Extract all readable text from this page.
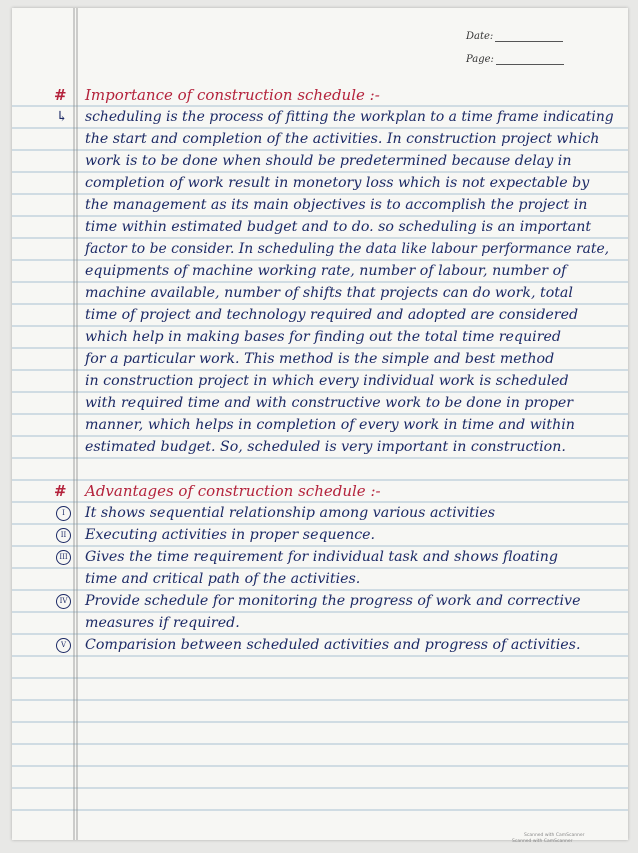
Date:
Page:
# Importance of construction schedule :-
↳ scheduling is the process of fitting the workplan to a time frame indicating
the start and completion of the activities. In construction project which
work is to be done when should be predetermined because delay in
completion of work result in monetory loss which is not expectable by
the management as its main objectives is to accomplish the project in
time within estimated budget and to do. so scheduling is an important
factor to be consider. In scheduling the data like labour performance rate,
equipments of machine working rate, number of labour, number of
machine available, number of shifts that projects can do work, total
time of project and technology required and adopted are considered
which help in making bases for finding out the total time required
for a particular work. This method is the simple and best method
in construction project in which every individual work is scheduled
with required time and with constructive work to be done in proper
manner, which helps in completion of every work in time and within
estimated budget. So, scheduled is very important in construction.
# Advantages of construction schedule :-
I	It shows sequential relationship among various activities
II	Executing activities in proper sequence.
III Gives the time requirement for individual task and shows floating
time and critical path of the activities.
IV Provide schedule for monitoring the progress of work and corrective
measures if required.
V	Comparision between scheduled activities and progress of activities.
Scanned with CamScanner
Scanned with CamScanner
